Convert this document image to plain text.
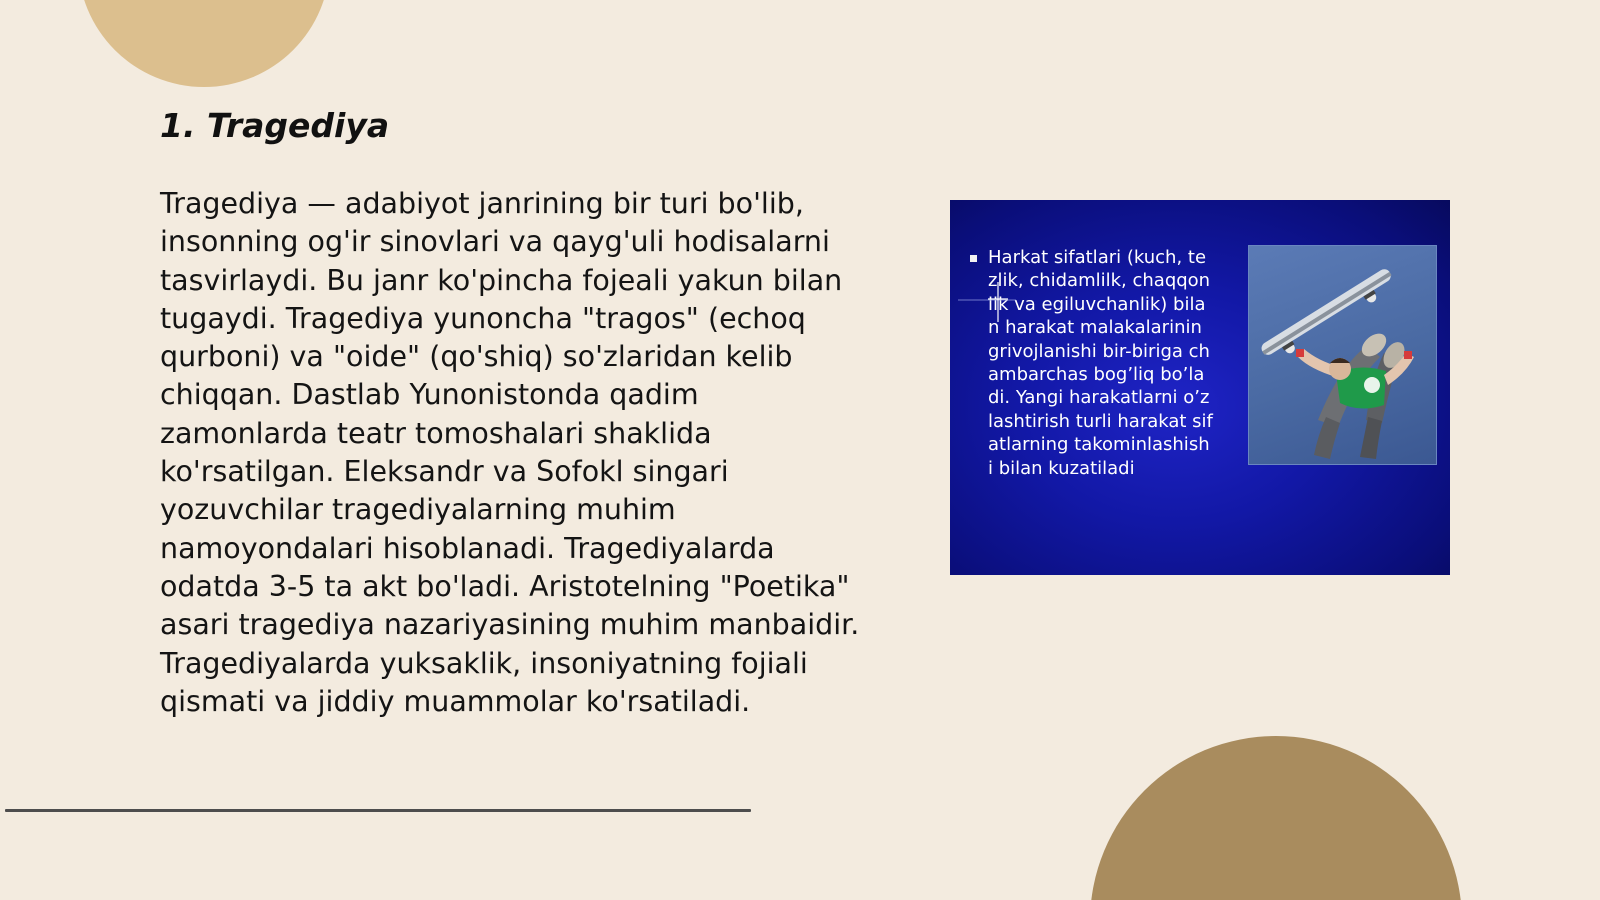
1. Tragediya

Tragediya — adabiyot janrining bir turi bo'lib, insonning og'ir sinovlari va qayg'uli hodisalarni tasvirlaydi. Bu janr ko'pincha fojeali yakun bilan tugaydi. Tragediya yunoncha "tragos" (echoq qurboni) va "oide" (qo'shiq) so'zlaridan kelib chiqqan. Dastlab Yunonistonda qadim zamonlarda teatr tomoshalari shaklida ko'rsatilgan. Eleksandr va Sofokl singari yozuvchilar tragediyalarning muhim namoyondalari hisoblanadi. Tragediyalarda odatda 3-5 ta akt bo'ladi. Aristotelning "Poetika" asari tragediya nazariyasining muhim manbaidir. Tragediyalarda yuksaklik, insoniyatning fojiali qismati va jiddiy muammolar ko'rsatiladi.

Harkat sifatlari (kuch, tezlik, chidamlilk, chaqqonlik va egiluvchanlik) bilan harakat malakalariningrivojlanishi bir-biriga chambarchas bog’liq bo’ladi. Yangi harakatlarni o’zlashtirish turli harakat sifatlarning takominlashishi bilan kuzatiladi
